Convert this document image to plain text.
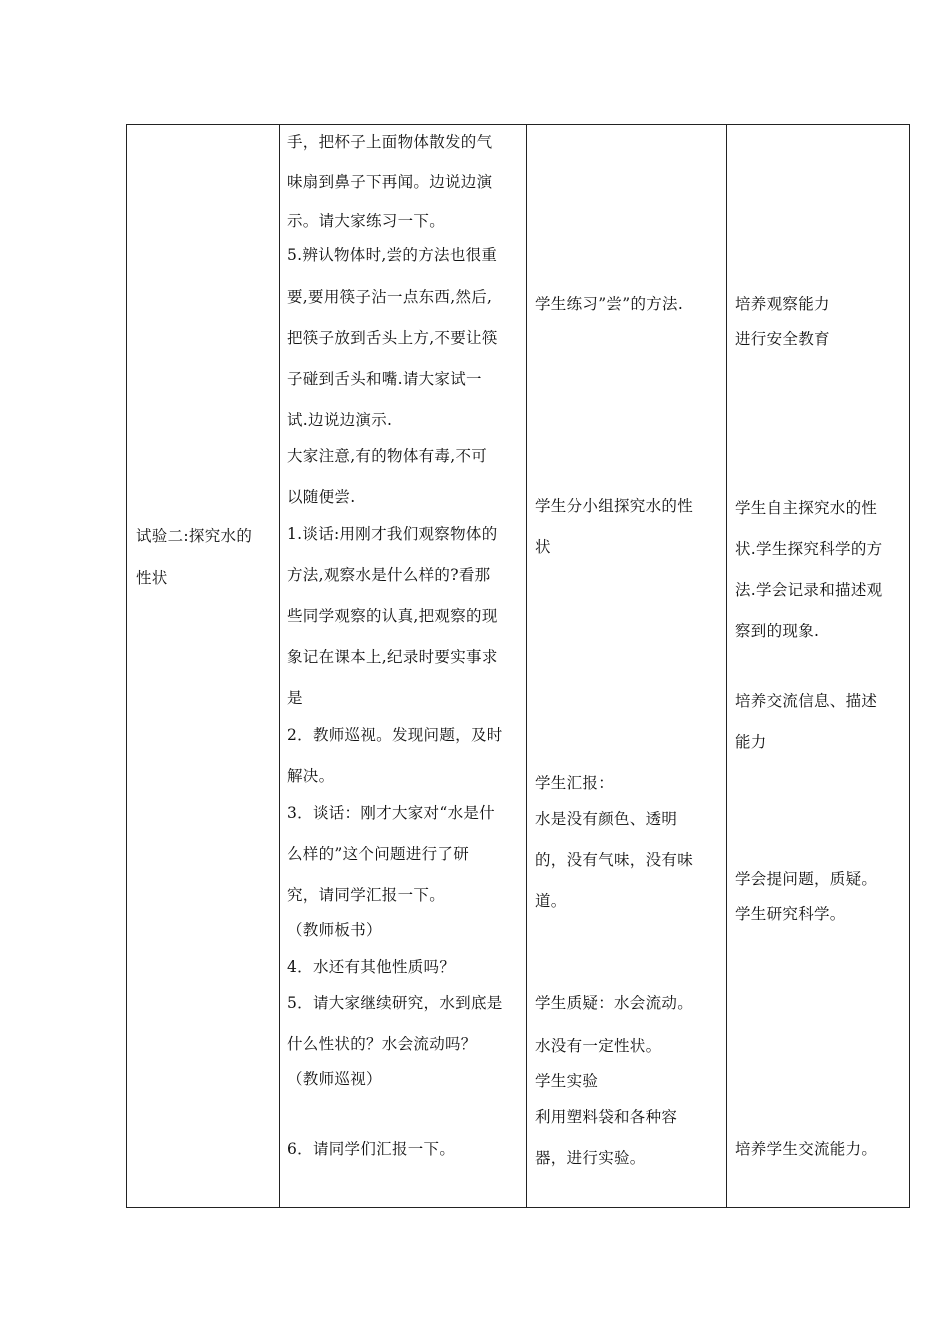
试验二:探究水的
性状
手，把杯子上面物体散发的气
味扇到鼻子下再闻。边说边演
示。请大家练习一下。
5.辨认物体时,尝的方法也很重
要,要用筷子沾一点东西,然后,
把筷子放到舌头上方,不要让筷
子碰到舌头和嘴.请大家试一
试.边说边演示.
大家注意,有的物体有毒,不可
以随便尝.
1.谈话:用刚才我们观察物体的
方法,观察水是什么样的?看那
些同学观察的认真,把观察的现
象记在课本上,纪录时要实事求
是
2．教师巡视。发现问题，及时
解决。
3．谈话：刚才大家对“水是什
么样的”这个问题进行了研
究，请同学汇报一下。
（教师板书）
4．水还有其他性质吗？
5．请大家继续研究，水到底是
什么性状的？水会流动吗？
（教师巡视）
6．请同学们汇报一下。
学生练习”尝”的方法.
学生分小组探究水的性
状
学生汇报：
水是没有颜色、透明
的，没有气味，没有味
道。
学生质疑：水会流动。
水没有一定性状。
学生实验
利用塑料袋和各种容
器，进行实验。
培养观察能力
进行安全教育
学生自主探究水的性
状.学生探究科学的方
法.学会记录和描述观
察到的现象.
培养交流信息、描述
能力
学会提问题，质疑。
学生研究科学。
培养学生交流能力。
